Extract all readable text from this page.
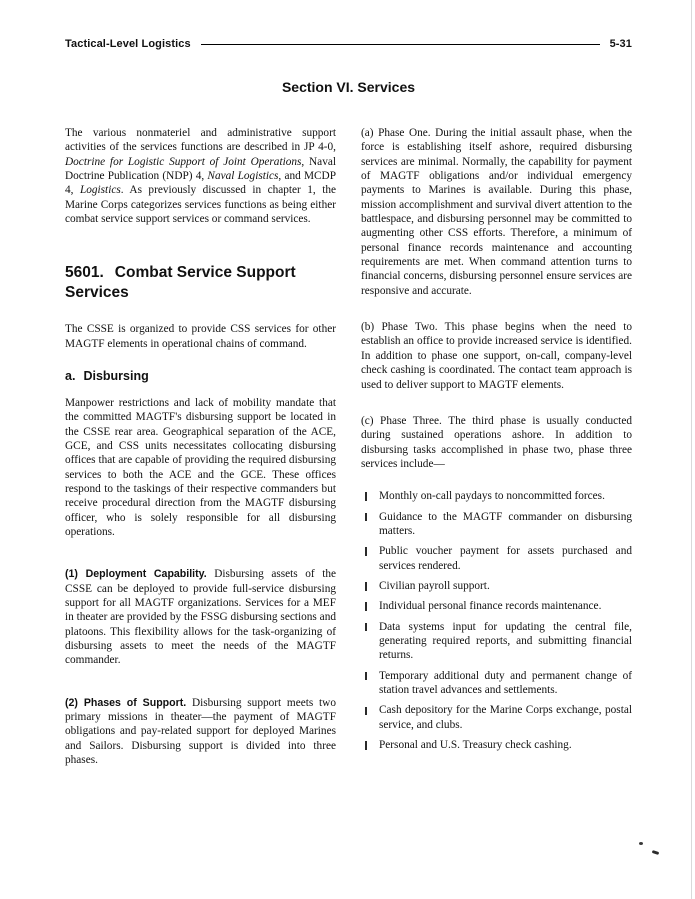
Tactical-Level Logistics	5-31
Section VI. Services

The various nonmateriel and administrative support activities of the services functions are described in JP 4-0, Doctrine for Logistic Support of Joint Operations, Naval Doctrine Publication (NDP) 4, Naval Logistics, and MCDP 4, Logistics. As previously discussed in chapter 1, the Marine Corps categorizes services functions as being either combat service support services or command services.

5601. Combat Service Support Services

The CSSE is organized to provide CSS services for other MAGTF elements in operational chains of command.

a. Disbursing

Manpower restrictions and lack of mobility mandate that the committed MAGTF's disbursing support be located in the CSSE rear area. Geographical separation of the ACE, GCE, and CSS units necessitates collocating disbursing offices that are capable of providing the required disbursing services to both the ACE and the GCE. These offices respond to the taskings of their respective commanders but receive procedural direction from the MAGTF disbursing officer, who is solely responsible for all disbursing operations.

(1) Deployment Capability. Disbursing assets of the CSSE can be deployed to provide full-service disbursing support for all MAGTF organizations. Services for a MEF in theater are provided by the FSSG disbursing sections and platoons. This flexibility allows for the task-organizing of disbursing assets to meet the needs of the MAGTF commander.

(2) Phases of Support. Disbursing support meets two primary missions in theater—the payment of MAGTF obligations and pay-related support for deployed Marines and Sailors. Disbursing support is divided into three phases.

(a) Phase One. During the initial assault phase, when the force is establishing itself ashore, required disbursing services are minimal. Normally, the capability for payment of MAGTF obligations and/or individual emergency payments to Marines is available. During this phase, mission accomplishment and survival divert attention to the battlespace, and disbursing personnel may be committed to augmenting other CSS efforts. Therefore, a minimum of personal finance records maintenance and accounting requirements are met. When command attention turns to financial concerns, disbursing personnel ensure services are responsive and accurate.

(b) Phase Two. This phase begins when the need to establish an office to provide increased service is identified. In addition to phase one support, on-call, company-level check cashing is coordinated. The contact team approach is used to deliver support to MAGTF elements.

(c) Phase Three. The third phase is usually conducted during sustained operations ashore. In addition to disbursing tasks accomplished in phase two, phase three services include—

Monthly on-call paydays to noncommitted forces.
Guidance to the MAGTF commander on disbursing matters.
Public voucher payment for assets purchased and services rendered.
Civilian payroll support.
Individual personal finance records maintenance.
Data systems input for updating the central file, generating required reports, and submitting financial returns.
Temporary additional duty and permanent change of station travel advances and settlements.
Cash depository for the Marine Corps exchange, postal service, and clubs.
Personal and U.S. Treasury check cashing.
